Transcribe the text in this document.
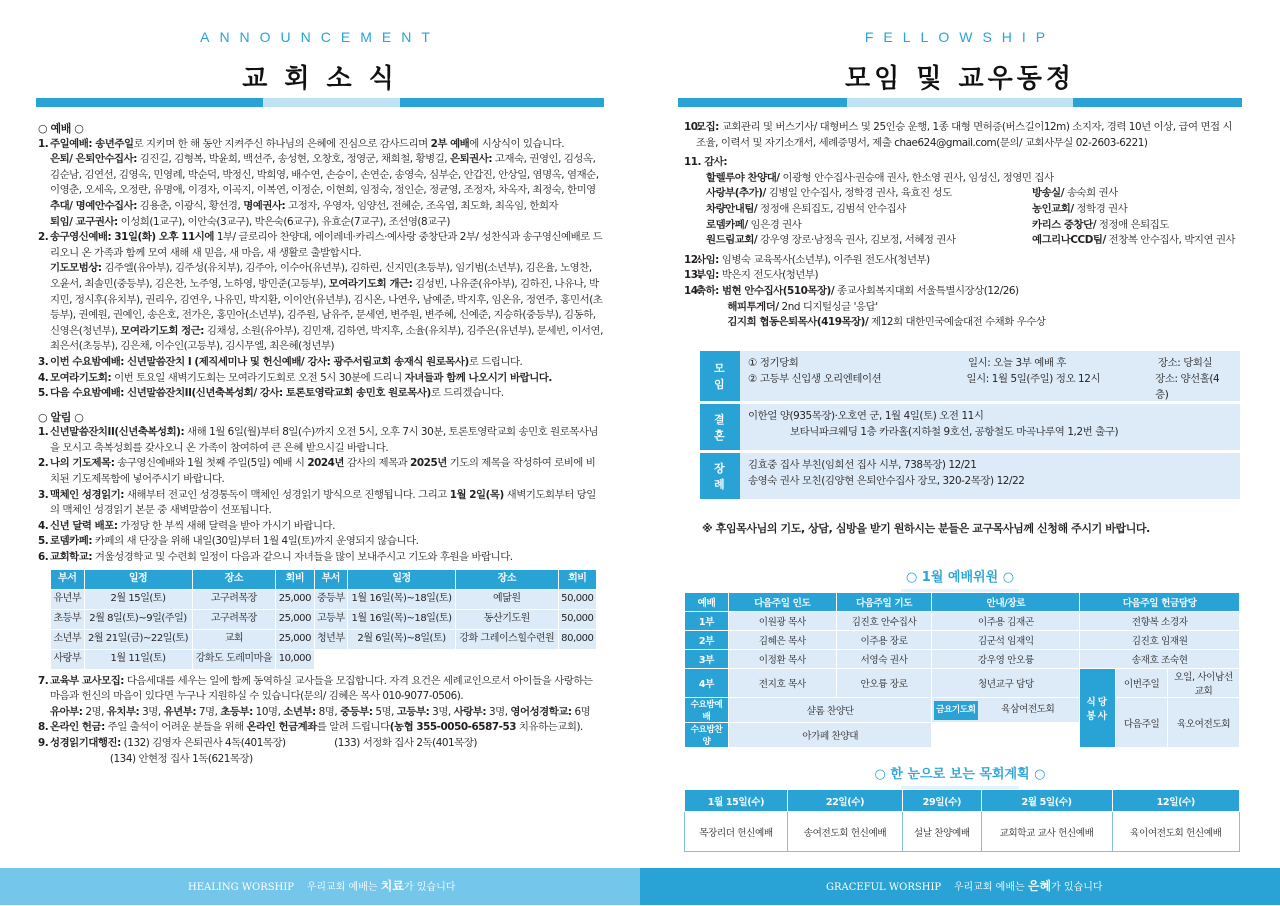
ANNOUNCEMENT
교 회 소 식
○ 예배 ○
1. 주일예배: 송년주일로 지키며 한 해 동안 지켜주신 하나님의 은혜에 진심으로 감사드리며 2부 예배에 시상식이 있습니다.
은퇴/ 은퇴안수집사: 김진길, 김형복, 박윤희, 백선주, 송성현, 오창호, 정영군, 채희철, 황병길, 은퇴권사: 고재숙, 권영인, 김성옥, 김순남, 김연선, 김영옥, 민영례, 박순덕, 박정신, 박희영, 배수연, 손승이, 손연순, 송영숙, 심부순, 안갑진, 안상일, 염명옥, 염재순, 이영춘, 오세옥, 오정란, 유명애, 이경자, 이곡지, 이복연, 이정순, 이현희, 임정숙, 정인순, 정균영, 조정자, 차옥자, 최정숙, 한미영
추대/ 명예안수집사: 김용춘, 이광식, 황선경, 명예권사: 고정자, 우영자, 임양선, 전혜순, 조옥엽, 최도화, 최옥임, 한희자
퇴임/ 교구권사: 이성희(1교구), 이안숙(3교구), 박은숙(6교구), 유효순(7교구), 조선영(8교구)
2. 송구영신예배: 31일(화) 오후 11시에 1부/ 글로리아 찬양대, 에이레네·카리스·예사랑 중창단과 2부/ 성찬식과 송구영신예배로 드리오니 온 가족과 함께 모여 새해 새 믿음, 새 마음, 새 생활로 출발합시다.
기도모범상: 김주엘(유아부), 김주성(유치부), 김주아, 이수아(유년부), 김하린, 신지민(초등부), 임기범(소년부), 김은율, 노영찬, 오윤서, 최솔민(중등부), 김은찬, 노주영, 노하영, 방민준(고등부), 모여라기도회 개근: 김성빈, 나유준(유아부), 김하진, 나유나, 박지민, 정시후(유치부), 권리우, 김연우, 나유민, 박지환, 이이안(유년부), 김시온, 나연우, 남예준, 박지후, 임온유, 정연주, 홍민서(초등부), 권예원, 권예인, 송은호, 전가은, 홍민아(소년부), 김주원, 남유주, 문세연, 변주원, 변주혜, 신예준, 지승하(중등부), 김동하, 신영은(청년부), 모여라기도회 정근: 김채성, 소원(유아부), 김민재, 김하연, 박지후, 소율(유치부), 김주은(유년부), 문세빈, 이서연, 최은서(초등부), 김은채, 이수인(고등부), 김시무엘, 최은혜(청년부)
3. 이번 수요밤예배: 신년말씀잔치 I (제직세미나 및 헌신예배/ 강사: 광주서림교회 송재식 원로목사)로 드립니다.
4. 모여라기도회: 이번 토요일 새벽기도회는 모여라기도회로 오전 5시 30분에 드리니 자녀들과 함께 나오시기 바랍니다.
5. 다음 수요밤예배: 신년말씀잔치II(신년축복성회/ 강사: 토론토영락교회 송민호 원로목사)로 드리겠습니다.
○ 알림 ○
1. 신년말씀잔치II(신년축복성회): 새해 1월 6일(월)부터 8일(수)까지 오전 5시, 오후 7시 30분, 토론토영락교회 송민호 원로목사님을 모시고 축복성회를 갖사오니 온 가족이 참여하여 큰 은혜 받으시길 바랍니다.
2. 나의 기도제목: 송구영신예배와 1월 첫째 주일(5일) 예배 시 2024년 감사의 제목과 2025년 기도의 제목을 작성하여 로비에 비치된 기도제목함에 넣어주시기 바랍니다.
3. 맥체인 성경읽기: 새해부터 전교인 성경통독이 맥체인 성경읽기 방식으로 진행됩니다. 그리고 1월 2일(목) 새벽기도회부터 당일의 맥체인 성경읽기 본문 중 새벽말씀이 선포됩니다.
4. 신년 달력 배포: 가정당 한 부씩 새해 달력을 받아 가시기 바랍니다.
5. 로뎀카페: 카페의 새 단장을 위해 내일(30일)부터 1월 4일(토)까지 운영되지 않습니다.
6. 교회학교: 겨울성경학교 및 수련회 일정이 다음과 같으니 자녀들을 많이 보내주시고 기도와 후원을 바랍니다.
부서	일정	장소	회비	부서	일정	장소	회비
유년부	2월 15일(토)	고구려목장	25,000	중등부	1월 16일(목)~18일(토)	예닮원	50,000
초등부	2월 8일(토)~9일(주일)	고구려목장	25,000	고등부	1월 16일(목)~18일(토)	동산기도원	50,000
소년부	2월 21일(금)~22일(토)	교회	25,000	청년부	2월 6일(목)~8일(토)	강화 그레이스힐수련원	80,000
사랑부	1월 11일(토)	강화도 도레미마을	10,000				
7. 교육부 교사모집: 다음세대를 세우는 일에 함께 동역하실 교사들을 모집합니다. 자격 요건은 세례교인으로서 아이들을 사랑하는 마음과 헌신의 마음이 있다면 누구나 지원하실 수 있습니다(문의/ 김혜은 목사 010-9077-0506).
유아부: 2명, 유치부: 3명, 유년부: 7명, 초등부: 10명, 소년부: 8명, 중등부: 5명, 고등부: 3명, 사랑부: 3명, 영어성경학교: 6명
8. 온라인 헌금: 주일 출석이 어려운 분들을 위해 온라인 헌금계좌를 알려 드립니다(농협 355-0050-6587-53 치유하는교회).
9. 성경읽기대행진: (132) 김영자 은퇴권사 4독(401목장)                 (133) 서정화 집사 2독(401목장)
(134) 안현정 집사 1독(621목장)
HEALING WORSHIP 우리교회 예배는 치료가 있습니다
FELLOWSHIP
모임 및 교우동정
10.
모집: 교회관리 및 버스기사/ 대형버스 및 25인승 운행, 1종 대형 면허증(버스길이12m) 소지자, 경력 10년 이상, 급여 면접 시 조율, 이력서 및 자기소개서, 세례증명서, 제출 chae624@gmail.com(문의/ 교회사무실 02-2603-6221)
11. 감사:
할렐루야 찬양대/ 이광형 안수집사·권승애 권사, 한소영 권사, 임성신, 정영민 집사
사랑부(추가)/ 김병일 안수집사, 정학경 권사, 육효진 성도	방송실/ 송숙희 권사
차량안내팀/ 정정애 은퇴집도, 김범석 안수집사	농인교회/ 정학경 권사
로뎀카페/ 임은경 권사	카리스 중창단/ 정정애 은퇴집도
원드림교회/ 강우영 장로·남정옥 권사, 김보정, 서혜정 권사	예그리나CCD팀/ 전창복 안수집사, 박지연 권사
12.
사임: 임병숙 교육목사(소년부), 이주원 전도사(청년부)
13.
부임: 박은지 전도사(청년부)
14.
축하: 범현 안수집사(510목장)/ 종교사회복지대회 서울특별시장상(12/26)
해피투게더/ 2nd 디지털싱글 '응답'
김지희 협동은퇴목사(419목장)/ 제12회 대한민국예술대전 수채화 우수상
모임
① 정기당회	일시: 오늘 3부 예배 후	장소: 당회실
② 고등부 신입생 오리엔테이션	일시: 1월 5일(주일) 정오 12시	장소: 양선홀(4층)
결혼
이한얼 양(935목장)·오호연 군, 1월 4일(토) 오전 11시
보타닉파크웨딩 1층 카라홀(지하철 9호선, 공항철도 마곡나루역 1,2번 출구)
장례
김효중 집사 부친(임희선 집사 시부, 738목장) 12/21
송영숙 권사 모친(김양현 은퇴안수집사 장모, 320-2목장) 12/22
※ 후임목사님의 기도, 상담, 심방을 받기 원하시는 분들은 교구목사님께 신청해 주시기 바랍니다.
○ 1월 예배위원 ○
예배	다음주일 인도	다음주일 기도	안내/장로	다음주일 헌금담당		
1부	이원광 목사	김진호 안수집사	이주용 김재곤	전향복 소경자		
2부	김혜은 목사	이주용 장로	김군석 임재익	김진호 임재원		
3부	이정환 목사	서영숙 권사	강우영 안오륭	송재호 조숙현		
4부	전지호 목사	안오륭 장로	청년교구 담당	식당봉사	이번주일	오일, 사이남선교회
수요밤예배	샬롬 찬양단		금요기도회 육삼여전도회		다음주일	육오여전도회
수요밤찬양	아가페 찬양대					
○ 한 눈으로 보는 목회계획 ○
1월 15일(수)	22일(수)	29일(수)	2월 5일(수)	12일(수)
목장리더 헌신예배	송여전도회 헌신예배	설날 찬양예배	교회학교 교사 헌신예배	육이여전도회 헌신예배
GRACEFUL WORSHIP 우리교회 예배는 은혜가 있습니다
